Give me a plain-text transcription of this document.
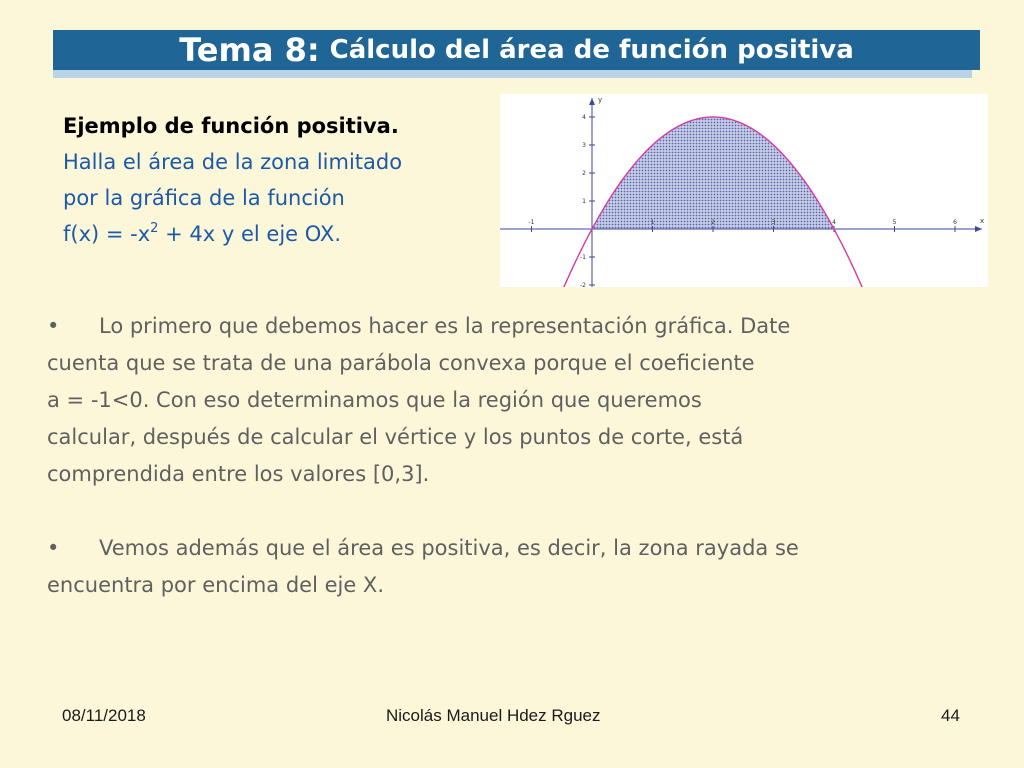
Tema 8: Cálculo del área de función positiva
Ejemplo de función positiva.
Halla el área de la zona limitado
por la gráfica de la función
$f(x) = -x^2 + 4x$ y el eje OX.	-1	1	2	3	4	5	6
4
3
2
1
-1
-2
x
y

• Lo primero que debemos hacer es la representación gráfica. Date
cuenta que se trata de una parábola convexa porque el coeficiente
a = -1<0. Con eso determinamos que la región que queremos
calcular, después de calcular el vértice y los puntos de corte, está
comprendida entre los valores [0,3].

• Vemos además que el área es positiva, es decir, la zona rayada se
encuentra por encima del eje X.

08/11/2018	Nicolás Manuel Hdez Rguez	44
